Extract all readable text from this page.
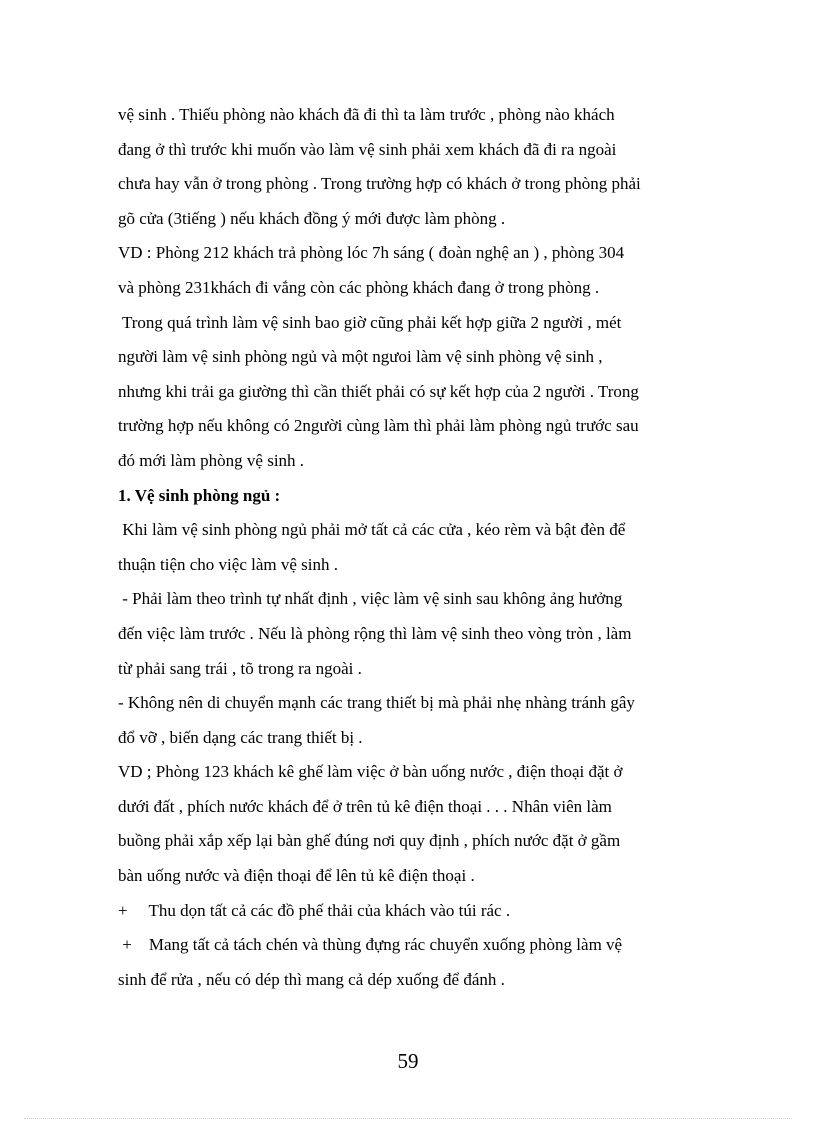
vệ sinh . Thiếu phòng nào khách đã đi thì ta làm trước , phòng nào khách
đang ở thì trước khi muốn vào làm vệ sinh phải xem khách đã đi ra ngoài
chưa hay vẫn ở trong phòng . Trong trường hợp có khách ở trong phòng phải
gõ cửa (3tiếng ) nếu khách đồng ý mới được làm phòng .
VD : Phòng 212 khách trả phòng lóc 7h sáng ( đoàn nghệ an ) , phòng 304
và phòng 231khách đi vắng còn các phòng khách đang ở trong phòng .
Trong quá trình làm vệ sinh bao giờ cũng phải kết hợp giữa 2 người , mét
người làm vệ sinh phòng ngủ và một ngưoi làm vệ sinh phòng vệ sinh ,
nhưng khi trải ga giường thì cần thiết phải có sự kết hợp của 2 người . Trong
trường hợp nếu không có 2người cùng làm thì phải làm phòng ngủ trước sau
đó mới làm phòng vệ sinh .
1. Vệ sinh phòng ngủ :
Khi làm vệ sinh phòng ngủ phải mở tất cả các cửa , kéo rèm và bật đèn để
thuận tiện cho việc làm vệ sinh .
- Phải làm theo trình tự nhất định , việc làm vệ sinh sau không ảng hưởng
đến việc làm trước . Nếu là phòng rộng thì làm vệ sinh theo vòng tròn , làm
từ phải sang trái , tõ trong ra ngoài .
- Không nên di chuyển mạnh các trang thiết bị mà phải nhẹ nhàng tránh gây
đổ vỡ , biến dạng các trang thiết bị .
VD ; Phòng 123 khách kê ghế làm việc ở bàn uống nước , điện thoại đặt ở
dưới đất , phích nước khách để ở trên tủ kê điện thoại . . . Nhân viên làm
buồng phải xắp xếp lại bàn ghế đúng nơi quy định , phích nước đặt ở gầm
bàn uống nước và điện thoại để lên tủ kê điện thoại .
+     Thu dọn tất cả các đồ phế thải của khách vào túi rác .
+    Mang tất cả tách chén và thùng đựng rác chuyển xuống phòng làm vệ
sinh để rửa , nếu có dép thì mang cả dép xuống để đánh .
59
